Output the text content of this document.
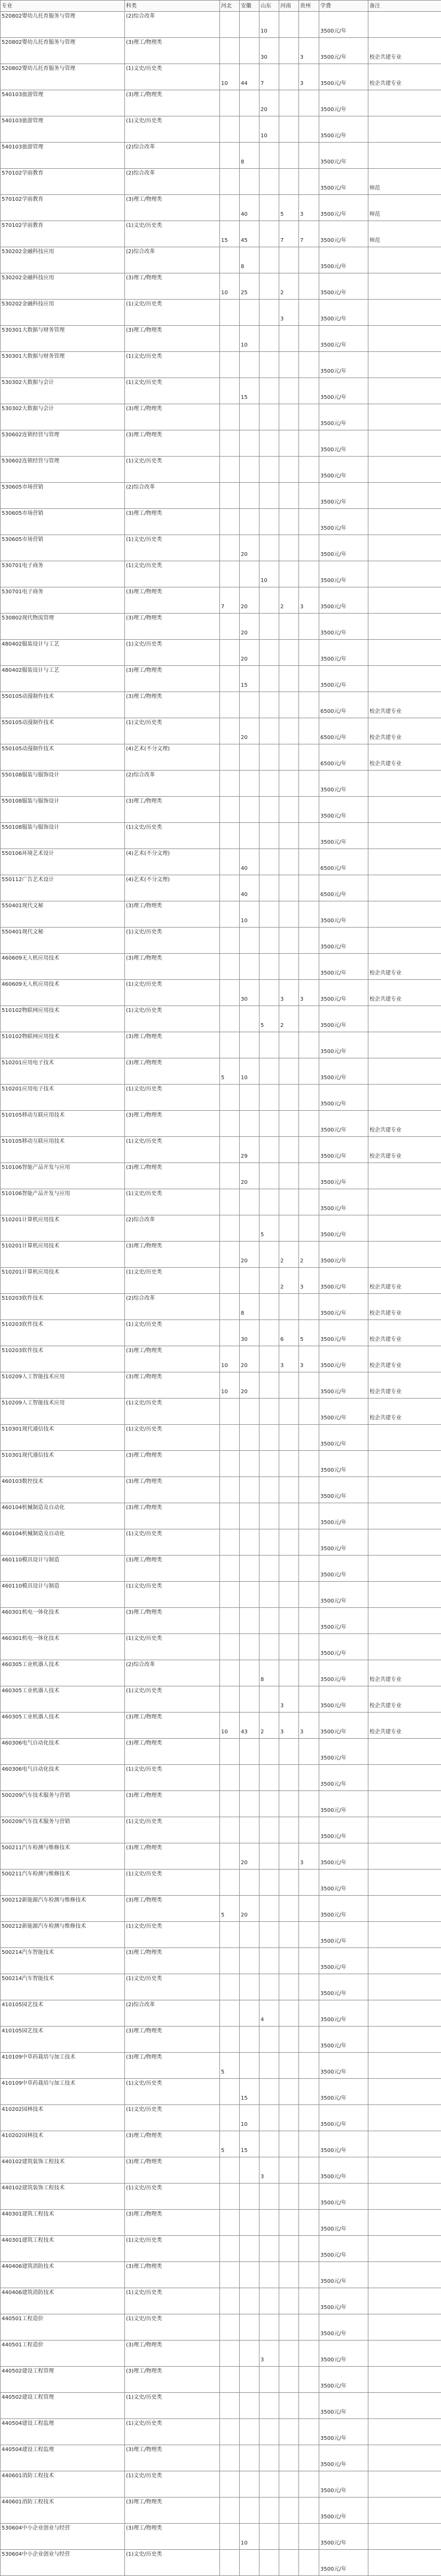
专业	科类	河北	安徽	山东	河南	贵州	学费	备注
520802婴幼儿托育服务与管理	(2)综合改革			10			3500元/年	
520802婴幼儿托育服务与管理	(3)理工/物理类			30		3	3500元/年	校企共建专业
520802婴幼儿托育服务与管理	(1)文史/历史类	10	44	7		3	3500元/年	校企共建专业
540103旅游管理	(3)理工/物理类			20			3500元/年	
540103旅游管理	(1)文史/历史类			10			3500元/年	
540103旅游管理	(2)综合改革		8				3500元/年	
570102学前教育	(2)综合改革						3500元/年	师范
570102学前教育	(3)理工/物理类		40		5	3	3500元/年	师范
570102学前教育	(1)文史/历史类	15	45		7	7	3500元/年	师范
530202金融科技应用	(2)综合改革		8				3500元/年	
530202金融科技应用	(3)理工/物理类	10	25		2		3500元/年	
530202金融科技应用	(1)文史/历史类				3		3500元/年	
530301大数据与财务管理	(3)理工/物理类		10				3500元/年	
530301大数据与财务管理	(1)文史/历史类						3500元/年	
530302大数据与会计	(1)文史/历史类		15				3500元/年	
530302大数据与会计	(3)理工/物理类						3500元/年	
530602连锁经营与管理	(3)理工/物理类						3500元/年	
530602连锁经营与管理	(1)文史/历史类						3500元/年	
530605市场营销	(2)综合改革						3500元/年	
530605市场营销	(3)理工/物理类						3500元/年	
530605市场营销	(1)文史/历史类		20				3500元/年	
530701电子商务	(1)文史/历史类			10			3500元/年	
530701电子商务	(3)理工/物理类	7	20		2	3	3500元/年	
530802现代物流管理	(3)理工/物理类		20				3500元/年	
480402服装设计与工艺	(1)文史/历史类		20				3500元/年	
480402服装设计与工艺	(3)理工/物理类		15				3500元/年	
550105动漫制作技术	(3)理工/物理类						6500元/年	校企共建专业
550105动漫制作技术	(1)文史/历史类		20				6500元/年	校企共建专业
550105动漫制作技术	(4)艺术(不分文理)						6500元/年	校企共建专业
550108服装与服饰设计	(2)综合改革						3500元/年	
550108服装与服饰设计	(3)理工/物理类						3500元/年	
550108服装与服饰设计	(1)文史/历史类						3500元/年	
550106环境艺术设计	(4)艺术(不分文理)		40				6500元/年	
550112广告艺术设计	(4)艺术(不分文理)		40				6500元/年	
550401现代文秘	(3)理工/物理类		10				3500元/年	
550401现代文秘	(1)文史/历史类						3500元/年	
460609无人机应用技术	(3)理工/物理类						3500元/年	校企共建专业
460609无人机应用技术	(1)文史/历史类		30		3	3	3500元/年	校企共建专业
510102物联网应用技术	(1)文史/历史类			5	2		3500元/年	
510102物联网应用技术	(3)理工/物理类						3500元/年	
510201应用电子技术	(3)理工/物理类	5	10				3500元/年	
510201应用电子技术	(1)文史/历史类						3500元/年	
510105移动互联应用技术	(3)理工/物理类						3500元/年	校企共建专业
510105移动互联应用技术	(1)文史/历史类		29				3500元/年	校企共建专业
510106智能产品开发与应用	(3)理工/物理类		20				3500元/年	
510106智能产品开发与应用	(1)文史/历史类						3500元/年	
510201计算机应用技术	(2)综合改革			5			3500元/年	
510201计算机应用技术	(3)理工/物理类		20		2	2	3500元/年	
510201计算机应用技术	(1)文史/历史类				2	3	3500元/年	校企共建专业
510203软件技术	(2)综合改革		8				3500元/年	校企共建专业
510203软件技术	(1)文史/历史类		30		6	5	3500元/年	校企共建专业
510203软件技术	(3)理工/物理类	10	20		3	3	3500元/年	校企共建专业
510209人工智能技术应用	(3)理工/物理类	10	20				3500元/年	校企共建专业
510209人工智能技术应用	(1)文史/历史类						3500元/年	校企共建专业
510301现代通信技术	(1)文史/历史类						3500元/年	
510301现代通信技术	(3)理工/物理类						3500元/年	
460103数控技术	(3)理工/物理类						3500元/年	
460104机械制造及自动化	(3)理工/物理类						3500元/年	
460104机械制造及自动化	(1)文史/历史类						3500元/年	
460110模具设计与制造	(3)理工/物理类						3500元/年	
460110模具设计与制造	(1)文史/历史类						3500元/年	
460301机电一体化技术	(3)理工/物理类						3500元/年	
460301机电一体化技术	(1)文史/历史类						3500元/年	
460305工业机器人技术	(2)综合改革			8			3500元/年	校企共建专业
460305工业机器人技术	(1)文史/历史类				3		3500元/年	校企共建专业
460305工业机器人技术	(3)理工/物理类	10	43	2	3	3	3500元/年	校企共建专业
460306电气自动化技术	(3)理工/物理类						3500元/年	
460306电气自动化技术	(1)文史/历史类						3500元/年	
500209汽车技术服务与营销	(3)理工/物理类						3500元/年	
500209汽车技术服务与营销	(1)文史/历史类						3500元/年	
500211汽车检测与维修技术	(3)理工/物理类		20			3	3500元/年	
500211汽车检测与维修技术	(1)文史/历史类						3500元/年	
500212新能源汽车检测与维修技术	(3)理工/物理类	5	20				3500元/年	
500212新能源汽车检测与维修技术	(1)文史/历史类						3500元/年	
500214汽车智能技术	(3)理工/物理类						3500元/年	
500214汽车智能技术	(1)文史/历史类						3500元/年	
410105园艺技术	(2)综合改革			4			3500元/年	
410105园艺技术	(3)理工/物理类						3500元/年	
410109中草药栽培与加工技术	(3)理工/物理类	5					3500元/年	
410109中草药栽培与加工技术	(1)文史/历史类		15				3500元/年	
410202园林技术	(1)文史/历史类		10				3500元/年	
410202园林技术	(3)理工/物理类	5	15				3500元/年	
440102建筑装饰工程技术	(3)理工/物理类			3			3500元/年	
440102建筑装饰工程技术	(1)文史/历史类						3500元/年	
440301建筑工程技术	(3)理工/物理类						3500元/年	
440301建筑工程技术	(1)文史/历史类						3500元/年	
440406建筑消防技术	(3)理工/物理类						3500元/年	
440406建筑消防技术	(1)文史/历史类						3500元/年	
440501工程造价	(1)文史/历史类						3500元/年	
440501工程造价	(3)理工/物理类			3			3500元/年	
440502建设工程管理	(3)理工/物理类						3500元/年	
440502建设工程管理	(1)文史/历史类						3500元/年	
440504建设工程监理	(1)文史/历史类						3500元/年	
440504建设工程监理	(3)理工/物理类						3500元/年	
440601消防工程技术	(1)文史/历史类						3500元/年	
440601消防工程技术	(3)理工/物理类						3500元/年	
530604中小企业创业与经营	(3)理工/物理类		10				3500元/年	
530604中小企业创业与经营	(1)文史/历史类						3500元/年	
